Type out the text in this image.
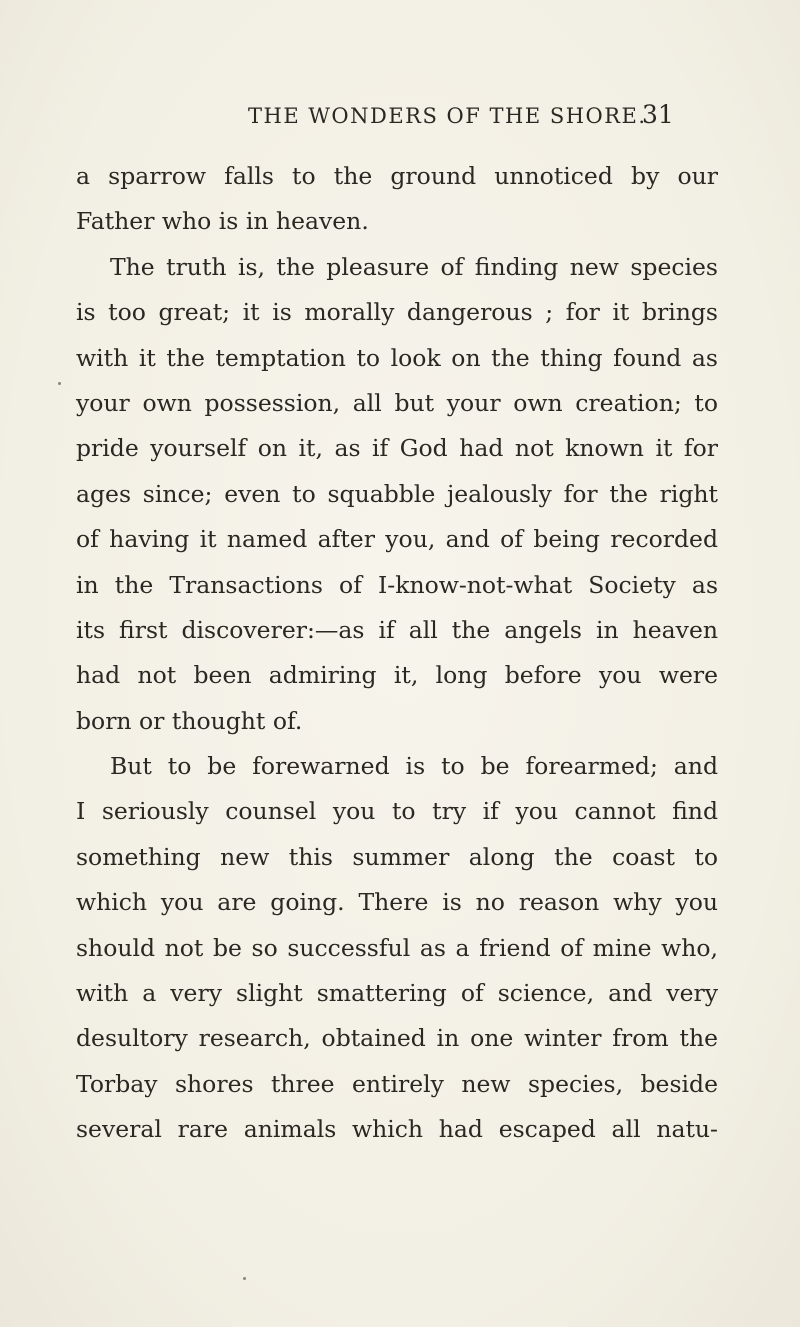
THE WONDERS OF THE SHORE.
31
a sparrow falls to the ground unnoticed by our
Father who is in heaven.
The truth is, the pleasure of finding new species
is too great; it is morally dangerous ; for it brings
with it the temptation to look on the thing found as
your own possession, all but your own creation; to
pride yourself on it, as if God had not known it for
ages since; even to squabble jealously for the right
of having it named after you, and of being recorded
in the Transactions of I-know-not-what Society as
its first discoverer:—as if all the angels in heaven
had not been admiring it, long before you were
born or thought of.
But to be forewarned is to be forearmed; and
I seriously counsel you to try if you cannot find
something new this summer along the coast to
which you are going. There is no reason why you
should not be so successful as a friend of mine who,
with a very slight smattering of science, and very
desultory research, obtained in one winter from the
Torbay shores three entirely new species, beside
several rare animals which had escaped all natu-
